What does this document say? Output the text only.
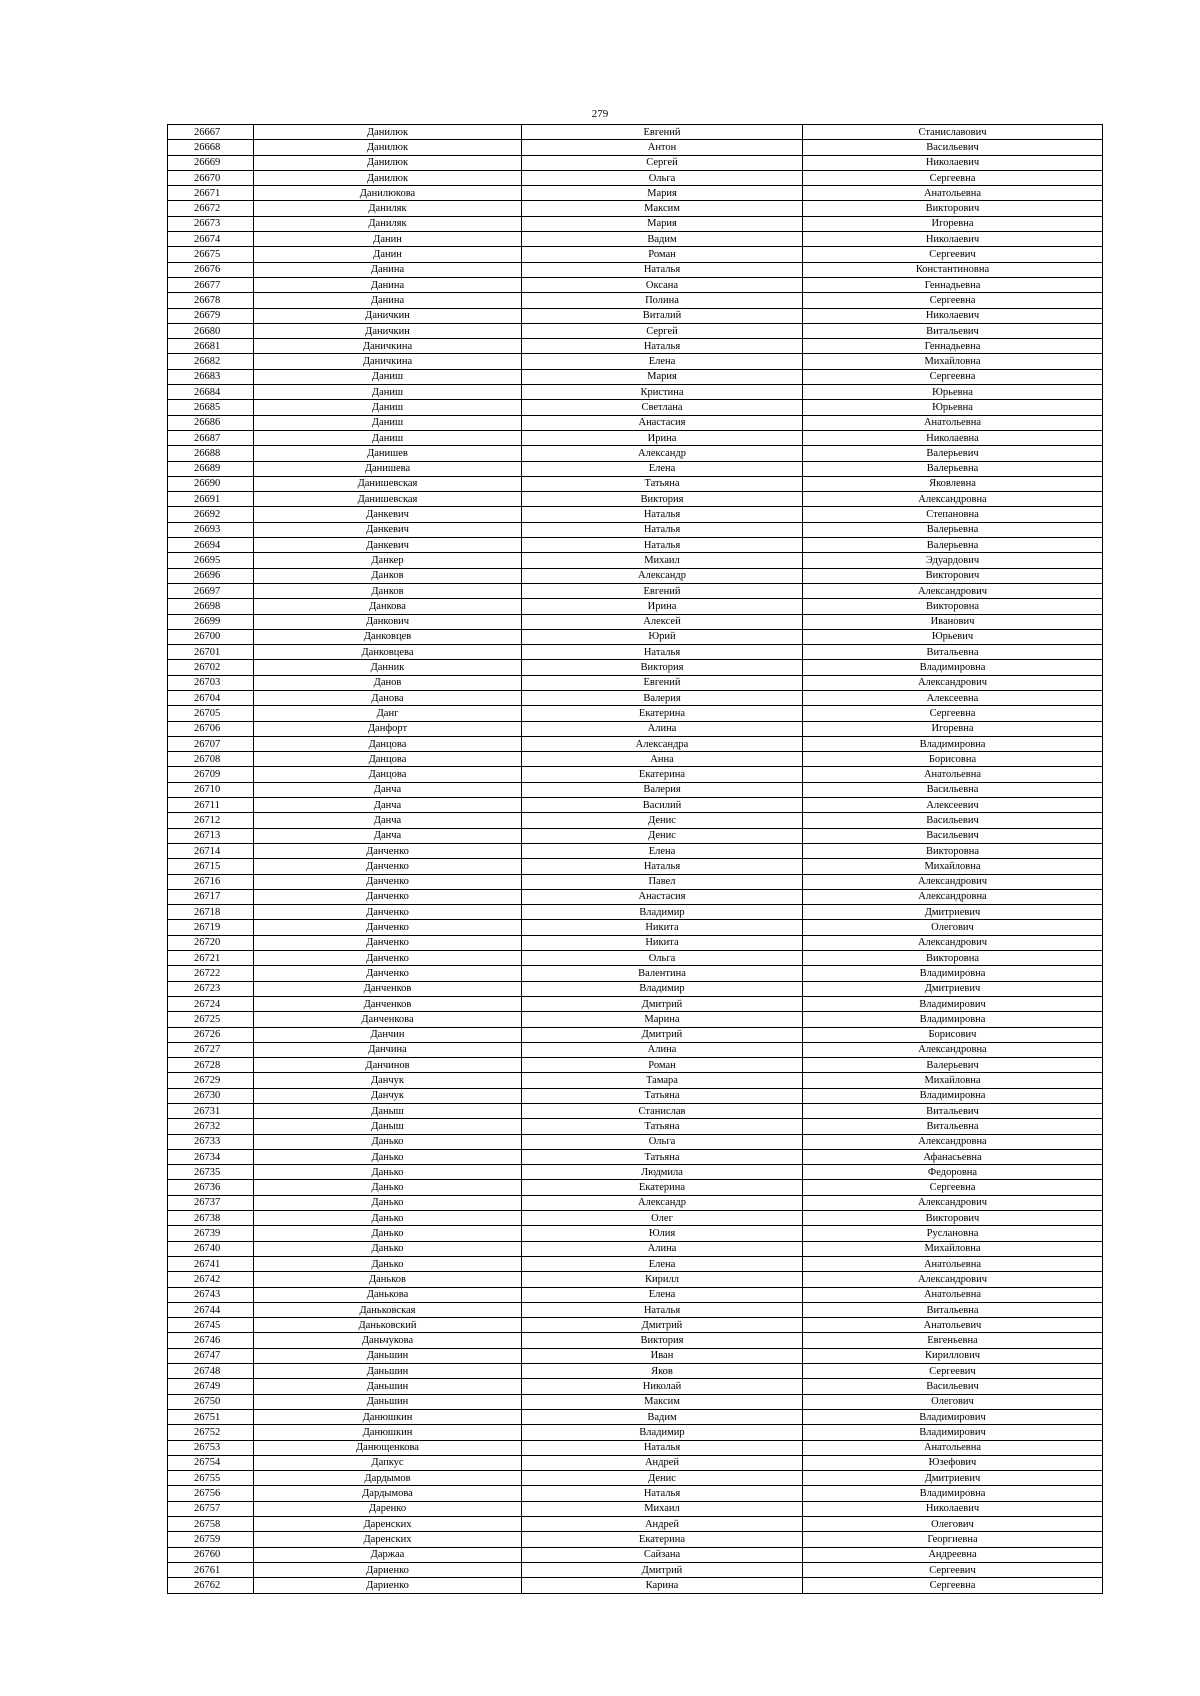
279
26667	Данилюк	Евгений	Станиславович
26668	Данилюк	Антон	Васильевич
26669	Данилюк	Сергей	Николаевич
26670	Данилюк	Ольга	Сергеевна
26671	Данилюкова	Мария	Анатольевна
26672	Даниляк	Максим	Викторович
26673	Даниляк	Мария	Игоревна
26674	Данин	Вадим	Николаевич
26675	Данин	Роман	Сергеевич
26676	Данина	Наталья	Константиновна
26677	Данина	Оксана	Геннадьевна
26678	Данина	Полина	Сергеевна
26679	Даничкин	Виталий	Николаевич
26680	Даничкин	Сергей	Витальевич
26681	Даничкина	Наталья	Геннадьевна
26682	Даничкина	Елена	Михайловна
26683	Даниш	Мария	Сергеевна
26684	Даниш	Кристина	Юрьевна
26685	Даниш	Светлана	Юрьевна
26686	Даниш	Анастасия	Анатольевна
26687	Даниш	Ирина	Николаевна
26688	Данишев	Александр	Валерьевич
26689	Данишева	Елена	Валерьевна
26690	Данишевская	Татьяна	Яковлевна
26691	Данишевская	Виктория	Александровна
26692	Данкевич	Наталья	Степановна
26693	Данкевич	Наталья	Валерьевна
26694	Данкевич	Наталья	Валерьевна
26695	Данкер	Михаил	Эдуардович
26696	Данков	Александр	Викторович
26697	Данков	Евгений	Александрович
26698	Данкова	Ирина	Викторовна
26699	Данкович	Алексей	Иванович
26700	Данковцев	Юрий	Юрьевич
26701	Данковцева	Наталья	Витальевна
26702	Данник	Виктория	Владимировна
26703	Данов	Евгений	Александрович
26704	Данова	Валерия	Алексеевна
26705	Данг	Екатерина	Сергеевна
26706	Данфорт	Алина	Игоревна
26707	Данцова	Александра	Владимировна
26708	Данцова	Анна	Борисовна
26709	Данцова	Екатерина	Анатольевна
26710	Данча	Валерия	Васильевна
26711	Данча	Василий	Алексеевич
26712	Данча	Денис	Васильевич
26713	Данча	Денис	Васильевич
26714	Данченко	Елена	Викторовна
26715	Данченко	Наталья	Михайловна
26716	Данченко	Павел	Александрович
26717	Данченко	Анастасия	Александровна
26718	Данченко	Владимир	Дмитриевич
26719	Данченко	Никита	Олегович
26720	Данченко	Никита	Александрович
26721	Данченко	Ольга	Викторовна
26722	Данченко	Валентина	Владимировна
26723	Данченков	Владимир	Дмитриевич
26724	Данченков	Дмитрий	Владимирович
26725	Данченкова	Марина	Владимировна
26726	Данчин	Дмитрий	Борисович
26727	Данчина	Алина	Александровна
26728	Данчинов	Роман	Валерьевич
26729	Данчук	Тамара	Михайловна
26730	Данчук	Татьяна	Владимировна
26731	Даныш	Станислав	Витальевич
26732	Даныш	Татьяна	Витальевна
26733	Данько	Ольга	Александровна
26734	Данько	Татьяна	Афанасьевна
26735	Данько	Людмила	Федоровна
26736	Данько	Екатерина	Сергеевна
26737	Данько	Александр	Александрович
26738	Данько	Олег	Викторович
26739	Данько	Юлия	Руслановна
26740	Данько	Алина	Михайловна
26741	Данько	Елена	Анатольевна
26742	Даньков	Кирилл	Александрович
26743	Данькова	Елена	Анатольевна
26744	Даньковская	Наталья	Витальевна
26745	Даньковский	Дмитрий	Анатольевич
26746	Даньчукова	Виктория	Евгеньевна
26747	Даньшин	Иван	Кириллович
26748	Даньшин	Яков	Сергеевич
26749	Даньшин	Николай	Васильевич
26750	Даньшин	Максим	Олегович
26751	Данюшкин	Вадим	Владимирович
26752	Данюшкин	Владимир	Владимирович
26753	Данющенкова	Наталья	Анатольевна
26754	Дапкус	Андрей	Юзефович
26755	Дардымов	Денис	Дмитриевич
26756	Дардымова	Наталья	Владимировна
26757	Даренко	Михаил	Николаевич
26758	Даренских	Андрей	Олегович
26759	Даренских	Екатерина	Георгиевна
26760	Даржаа	Сайзана	Андреевна
26761	Дариенко	Дмитрий	Сергеевич
26762	Дариенко	Карина	Сергеевна
